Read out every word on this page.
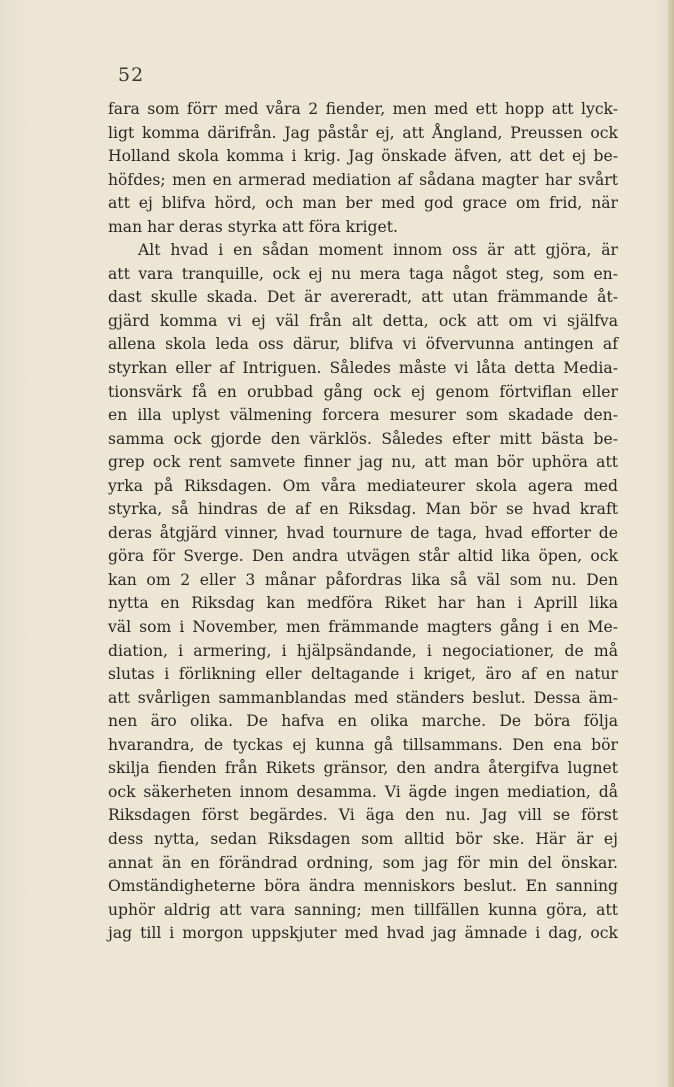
52
fara som förr med våra 2 fiender, men med ett hopp att lyck-
ligt komma därifrån. Jag påstår ej, att Ångland, Preussen ock
Holland skola komma i krig. Jag önskade äfven, att det ej be-
höfdes; men en armerad mediation af sådana magter har svårt
att ej blifva hörd, och man ber med god grace om frid, när
man har deras styrka att föra kriget.
Alt hvad i en sådan moment innom oss är att gjöra, är
att vara tranquille, ock ej nu mera taga något steg, som en-
dast skulle skada. Det är avereradt, att utan främmande åt-
gjärd komma vi ej väl från alt detta, ock att om vi själfva
allena skola leda oss därur, blifva vi öfvervunna antingen af
styrkan eller af Intriguen. Således måste vi låta detta Media-
tionsvärk få en orubbad gång ock ej genom förtviflan eller
en illa uplyst välmening forcera mesurer som skadade den-
samma ock gjorde den värklös. Således efter mitt bästa be-
grep ock rent samvete finner jag nu, att man bör uphöra att
yrka på Riksdagen. Om våra mediateurer skola agera med
styrka, så hindras de af en Riksdag. Man bör se hvad kraft
deras åtgjärd vinner, hvad tournure de taga, hvad efforter de
göra för Sverge. Den andra utvägen står altid lika öpen, ock
kan om 2 eller 3 månar påfordras lika så väl som nu. Den
nytta en Riksdag kan medföra Riket har han i Aprill lika
väl som i November, men främmande magters gång i en Me-
diation, i armering, i hjälpsändande, i negociationer, de må
slutas i förlikning eller deltagande i kriget, äro af en natur
att svårligen sammanblandas med ständers beslut. Dessa äm-
nen äro olika. De hafva en olika marche. De böra följa
hvarandra, de tyckas ej kunna gå tillsammans. Den ena bör
skilja fienden från Rikets gränsor, den andra återgifva lugnet
ock säkerheten innom desamma. Vi ägde ingen mediation, då
Riksdagen först begärdes. Vi äga den nu. Jag vill se först
dess nytta, sedan Riksdagen som alltid bör ske. Här är ej
annat än en förändrad ordning, som jag för min del önskar.
Omständigheterne böra ändra menniskors beslut. En sanning
uphör aldrig att vara sanning; men tillfällen kunna göra, att
jag till i morgon uppskjuter med hvad jag ämnade i dag, ock
